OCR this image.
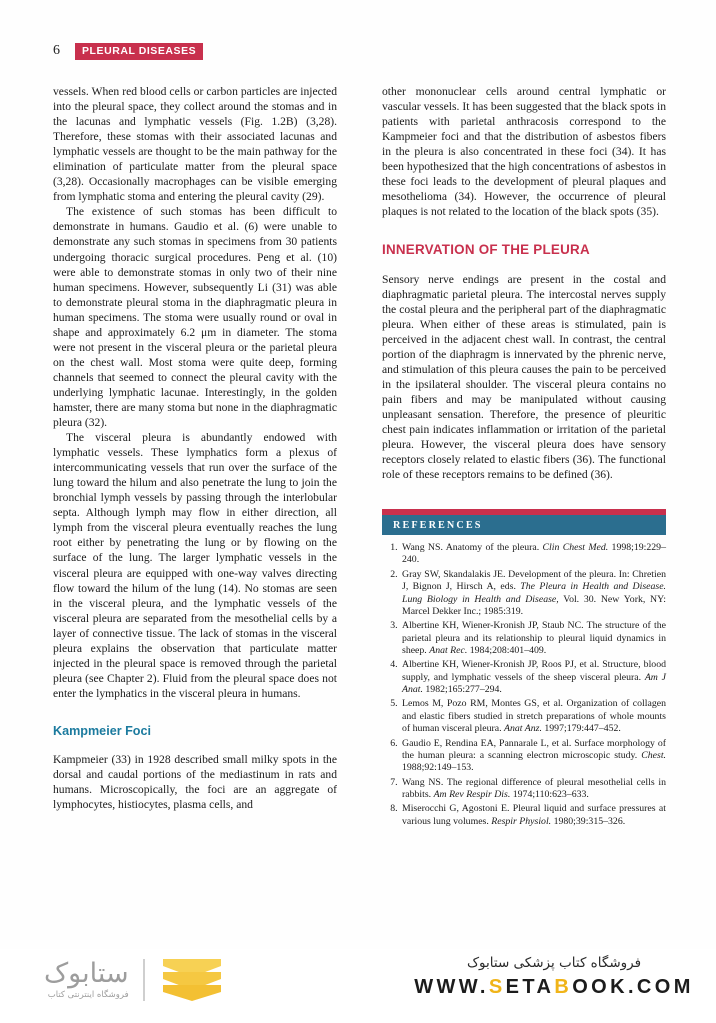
6	PLEURAL DISEASES

vessels. When red blood cells or carbon particles are injected into the pleural space, they collect around the stomas and in the lacunas and lymphatic vessels (Fig. 1.2B) (3,28). Therefore, these stomas with their associated lacunas and lymphatic vessels are thought to be the main pathway for the elimination of particulate matter from the pleural space (3,28). Occasionally macrophages can be visible emerging from lymphatic stoma and entering the pleural cavity (29).

The existence of such stomas has been difficult to demonstrate in humans. Gaudio et al. (6) were unable to demonstrate any such stomas in specimens from 30 patients undergoing thoracic surgical procedures. Peng et al. (10) were able to demonstrate stomas in only two of their nine human specimens. However, subsequently Li (31) was able to demonstrate pleural stoma in the diaphragmatic pleura in human specimens. The stoma were usually round or oval in shape and approximately 6.2 μm in diameter. The stoma were not present in the visceral pleura or the parietal pleura on the chest wall. Most stoma were quite deep, forming channels that seemed to connect the pleural cavity with the underlying lymphatic lacunae. Interestingly, in the golden hamster, there are many stoma but none in the diaphragmatic pleura (32).

The visceral pleura is abundantly endowed with lymphatic vessels. These lymphatics form a plexus of intercommunicating vessels that run over the surface of the lung toward the hilum and also penetrate the lung to join the bronchial lymph vessels by passing through the interlobular septa. Although lymph may flow in either direction, all lymph from the visceral pleura eventually reaches the lung root either by penetrating the lung or by flowing on the surface of the lung. The larger lymphatic vessels in the visceral pleura are equipped with one-way valves directing flow toward the hilum of the lung (14). No stomas are seen in the visceral pleura, and the lymphatic vessels of the visceral pleura are separated from the mesothelial cells by a layer of connective tissue. The lack of stomas in the visceral pleura explains the observation that particulate matter injected in the pleural space is removed through the parietal pleura (see Chapter 2). Fluid from the pleural space does not enter the lymphatics in the visceral pleura in humans.

Kampmeier Foci

Kampmeier (33) in 1928 described small milky spots in the dorsal and caudal portions of the mediastinum in rats and humans. Microscopically, the foci are an aggregate of lymphocytes, histiocytes, plasma cells, and

other mononuclear cells around central lymphatic or vascular vessels. It has been suggested that the black spots in patients with parietal anthracosis correspond to the Kampmeier foci and that the distribution of asbestos fibers in the pleura is also concentrated in these foci (34). It has been hypothesized that the high concentrations of asbestos in these foci leads to the development of pleural plaques and mesothelioma (34). However, the occurrence of pleural plaques is not related to the location of the black spots (35).

INNERVATION OF THE PLEURA

Sensory nerve endings are present in the costal and diaphragmatic parietal pleura. The intercostal nerves supply the costal pleura and the peripheral part of the diaphragmatic pleura. When either of these areas is stimulated, pain is perceived in the adjacent chest wall. In contrast, the central portion of the diaphragm is innervated by the phrenic nerve, and stimulation of this pleura causes the pain to be perceived in the ipsilateral shoulder. The visceral pleura contains no pain fibers and may be manipulated without causing unpleasant sensation. Therefore, the presence of pleuritic chest pain indicates inflammation or irritation of the parietal pleura. However, the visceral pleura does have sensory receptors closely related to elastic fibers (36). The functional role of these receptors remains to be defined (36).

REFERENCES
1. Wang NS. Anatomy of the pleura. Clin Chest Med. 1998;19:229–240.
2. Gray SW, Skandalakis JE. Development of the pleura. In: Chretien J, Bignon J, Hirsch A, eds. The Pleura in Health and Disease. Lung Biology in Health and Disease, Vol. 30. New York, NY: Marcel Dekker Inc.; 1985:319.
3. Albertine KH, Wiener-Kronish JP, Staub NC. The structure of the parietal pleura and its relationship to pleural liquid dynamics in sheep. Anat Rec. 1984;208:401–409.
4. Albertine KH, Wiener-Kronish JP, Roos PJ, et al. Structure, blood supply, and lymphatic vessels of the sheep visceral pleura. Am J Anat. 1982;165:277–294.
5. Lemos M, Pozo RM, Montes GS, et al. Organization of collagen and elastic fibers studied in stretch preparations of whole mounts of human visceral pleura. Anat Anz. 1997;179:447–452.
6. Gaudio E, Rendina EA, Pannarale L, et al. Surface morphology of the human pleura: a scanning electron microscopic study. Chest. 1988;92:149–153.
7. Wang NS. The regional difference of pleural mesothelial cells in rabbits. Am Rev Respir Dis. 1974;110:623–633.
8. Miserocchi G, Agostoni E. Pleural liquid and surface pressures at various lung volumes. Respir Physiol. 1980;39:315–326.
ستابوک
فروشگاه اینترنتی کتاب
فروشگاه کتاب پزشکی ستابوک
WWW.SETABOOK.COM
